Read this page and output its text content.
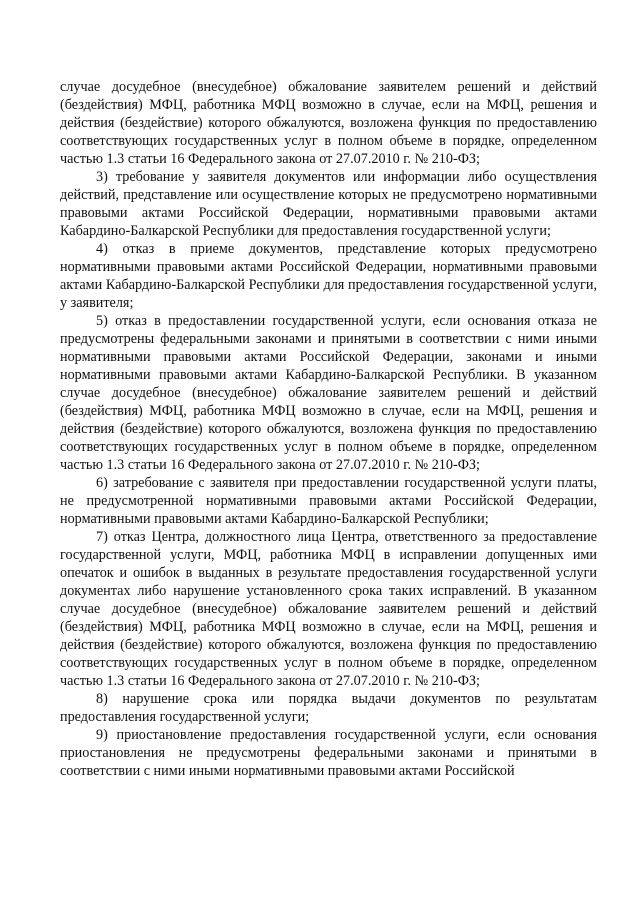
случае досудебное (внесудебное) обжалование заявителем решений и действий (бездействия) МФЦ, работника МФЦ возможно в случае, если на МФЦ, решения и действия (бездействие) которого обжалуются, возложена функция по предоставлению соответствующих государственных услуг в полном объеме в порядке, определенном частью 1.3 статьи 16 Федерального закона от 27.07.2010 г. № 210-ФЗ;

3) требование у заявителя документов или информации либо осуществления действий, представление или осуществление которых не предусмотрено нормативными правовыми актами Российской Федерации, нормативными правовыми актами Кабардино-Балкарской Республики для предоставления государственной услуги;

4) отказ в приеме документов, представление которых предусмотрено нормативными правовыми актами Российской Федерации, нормативными правовыми актами Кабардино-Балкарской Республики для предоставления государственной услуги, у заявителя;

5) отказ в предоставлении государственной услуги, если основания отказа не предусмотрены федеральными законами и принятыми в соответствии с ними иными нормативными правовыми актами Российской Федерации, законами и иными нормативными правовыми актами Кабардино-Балкарской Республики. В указанном случае досудебное (внесудебное) обжалование заявителем решений и действий (бездействия) МФЦ, работника МФЦ возможно в случае, если на МФЦ, решения и действия (бездействие) которого обжалуются, возложена функция по предоставлению соответствующих государственных услуг в полном объеме в порядке, определенном частью 1.3 статьи 16 Федерального закона от 27.07.2010 г. № 210-ФЗ;

6) затребование с заявителя при предоставлении государственной услуги платы, не предусмотренной нормативными правовыми актами Российской Федерации, нормативными правовыми актами Кабардино-Балкарской Республики;

7) отказ Центра, должностного лица Центра, ответственного за предоставление государственной услуги, МФЦ, работника МФЦ в исправлении допущенных ими опечаток и ошибок в выданных в результате предоставления государственной услуги документах либо нарушение установленного срока таких исправлений. В указанном случае досудебное (внесудебное) обжалование заявителем решений и действий (бездействия) МФЦ, работника МФЦ возможно в случае, если на МФЦ, решения и действия (бездействие) которого обжалуются, возложена функция по предоставлению соответствующих государственных услуг в полном объеме в порядке, определенном частью 1.3 статьи 16 Федерального закона от 27.07.2010 г. № 210-ФЗ;

8) нарушение срока или порядка выдачи документов по результатам предоставления государственной услуги;

9) приостановление предоставления государственной услуги, если основания приостановления не предусмотрены федеральными законами и принятыми в соответствии с ними иными нормативными правовыми актами Российской
